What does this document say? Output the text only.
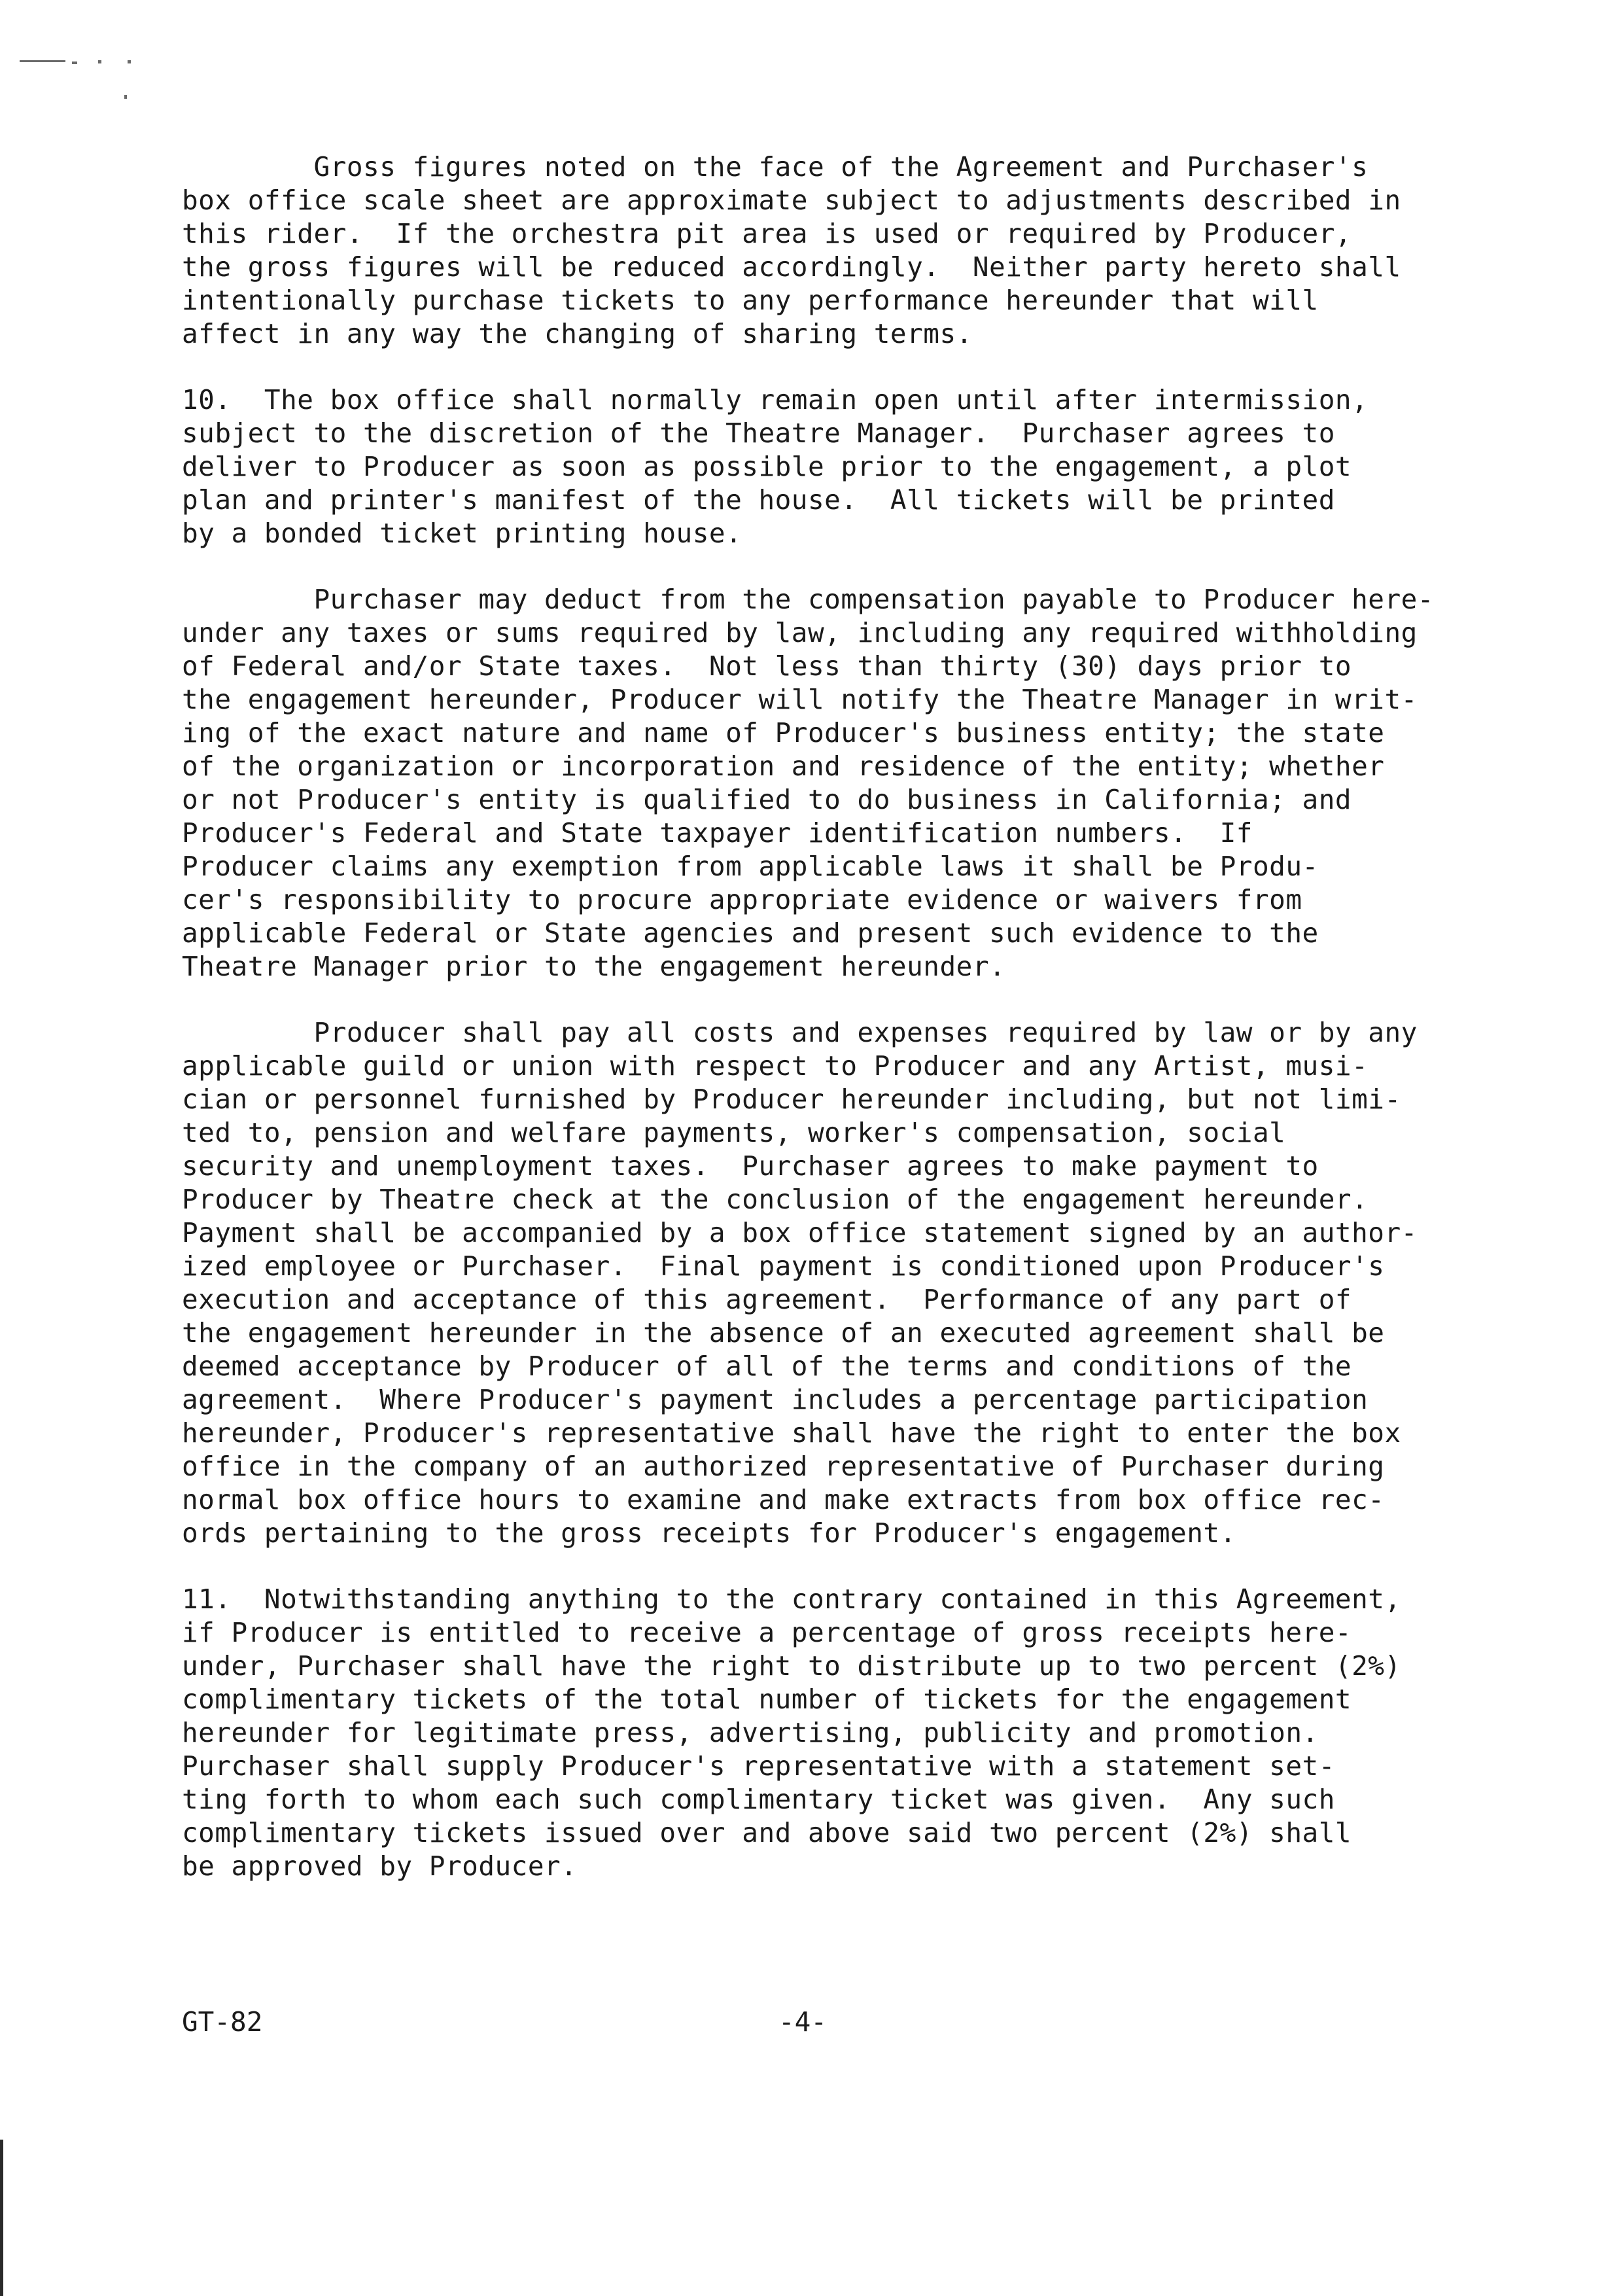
Gross figures noted on the face of the Agreement and Purchaser's
box office scale sheet are approximate subject to adjustments described in
this rider.  If the orchestra pit area is used or required by Producer,
the gross figures will be reduced accordingly.  Neither party hereto shall
intentionally purchase tickets to any performance hereunder that will
affect in any way the changing of sharing terms.
10.  The box office shall normally remain open until after intermission,
subject to the discretion of the Theatre Manager.  Purchaser agrees to
deliver to Producer as soon as possible prior to the engagement, a plot
plan and printer's manifest of the house.  All tickets will be printed
by a bonded ticket printing house.
Purchaser may deduct from the compensation payable to Producer here-
under any taxes or sums required by law, including any required withholding
of Federal and/or State taxes.  Not less than thirty (30) days prior to
the engagement hereunder, Producer will notify the Theatre Manager in writ-
ing of the exact nature and name of Producer's business entity; the state
of the organization or incorporation and residence of the entity; whether
or not Producer's entity is qualified to do business in California; and
Producer's Federal and State taxpayer identification numbers.  If
Producer claims any exemption from applicable laws it shall be Produ-
cer's responsibility to procure appropriate evidence or waivers from
applicable Federal or State agencies and present such evidence to the
Theatre Manager prior to the engagement hereunder.
Producer shall pay all costs and expenses required by law or by any
applicable guild or union with respect to Producer and any Artist, musi-
cian or personnel furnished by Producer hereunder including, but not limi-
ted to, pension and welfare payments, worker's compensation, social
security and unemployment taxes.  Purchaser agrees to make payment to
Producer by Theatre check at the conclusion of the engagement hereunder.
Payment shall be accompanied by a box office statement signed by an author-
ized employee or Purchaser.  Final payment is conditioned upon Producer's
execution and acceptance of this agreement.  Performance of any part of
the engagement hereunder in the absence of an executed agreement shall be
deemed acceptance by Producer of all of the terms and conditions of the
agreement.  Where Producer's payment includes a percentage participation
hereunder, Producer's representative shall have the right to enter the box
office in the company of an authorized representative of Purchaser during
normal box office hours to examine and make extracts from box office rec-
ords pertaining to the gross receipts for Producer's engagement.
11.  Notwithstanding anything to the contrary contained in this Agreement,
if Producer is entitled to receive a percentage of gross receipts here-
under, Purchaser shall have the right to distribute up to two percent (2%)
complimentary tickets of the total number of tickets for the engagement
hereunder for legitimate press, advertising, publicity and promotion.
Purchaser shall supply Producer's representative with a statement set-
ting forth to whom each such complimentary ticket was given.  Any such
complimentary tickets issued over and above said two percent (2%) shall
be approved by Producer.
GT-82	-4-
